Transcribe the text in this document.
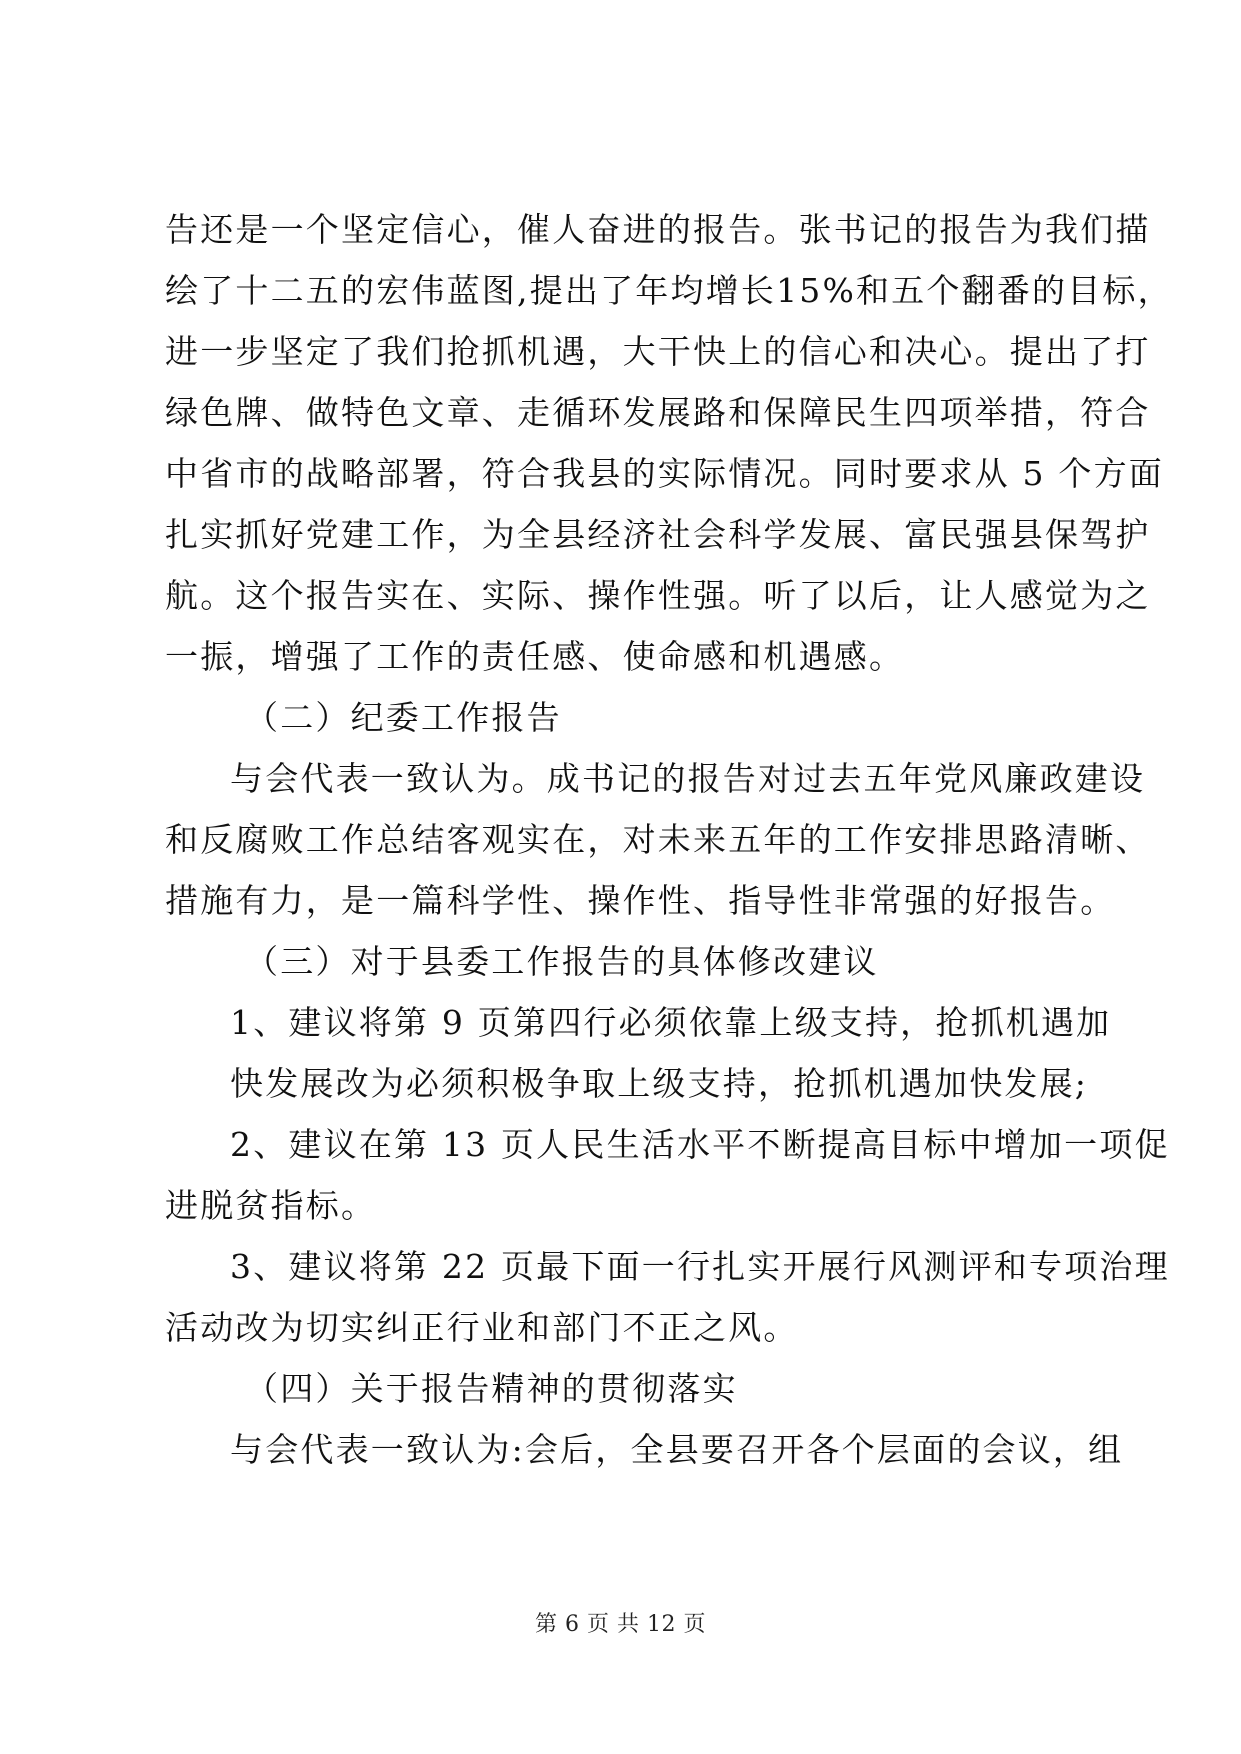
告还是一个坚定信心，催人奋进的报告。张书记的报告为我们描
绘了十二五的宏伟蓝图,提出了年均增长15%和五个翻番的目标，
进一步坚定了我们抢抓机遇，大干快上的信心和决心。提出了打
绿色牌、做特色文章、走循环发展路和保障民生四项举措，符合
中省市的战略部署，符合我县的实际情况。同时要求从 5 个方面
扎实抓好党建工作，为全县经济社会科学发展、富民强县保驾护
航。这个报告实在、实际、操作性强。听了以后，让人感觉为之
一振，增强了工作的责任感、使命感和机遇感。
（二）纪委工作报告
与会代表一致认为。成书记的报告对过去五年党风廉政建设
和反腐败工作总结客观实在，对未来五年的工作安排思路清晰、
措施有力，是一篇科学性、操作性、指导性非常强的好报告。
（三）对于县委工作报告的具体修改建议
1、建议将第 9 页第四行必须依靠上级支持，抢抓机遇加
快发展改为必须积极争取上级支持，抢抓机遇加快发展;
2、建议在第 13 页人民生活水平不断提高目标中增加一项促
进脱贫指标。
3、建议将第 22 页最下面一行扎实开展行风测评和专项治理
活动改为切实纠正行业和部门不正之风。
（四）关于报告精神的贯彻落实
与会代表一致认为:会后，全县要召开各个层面的会议，组
第 6 页 共 12 页
